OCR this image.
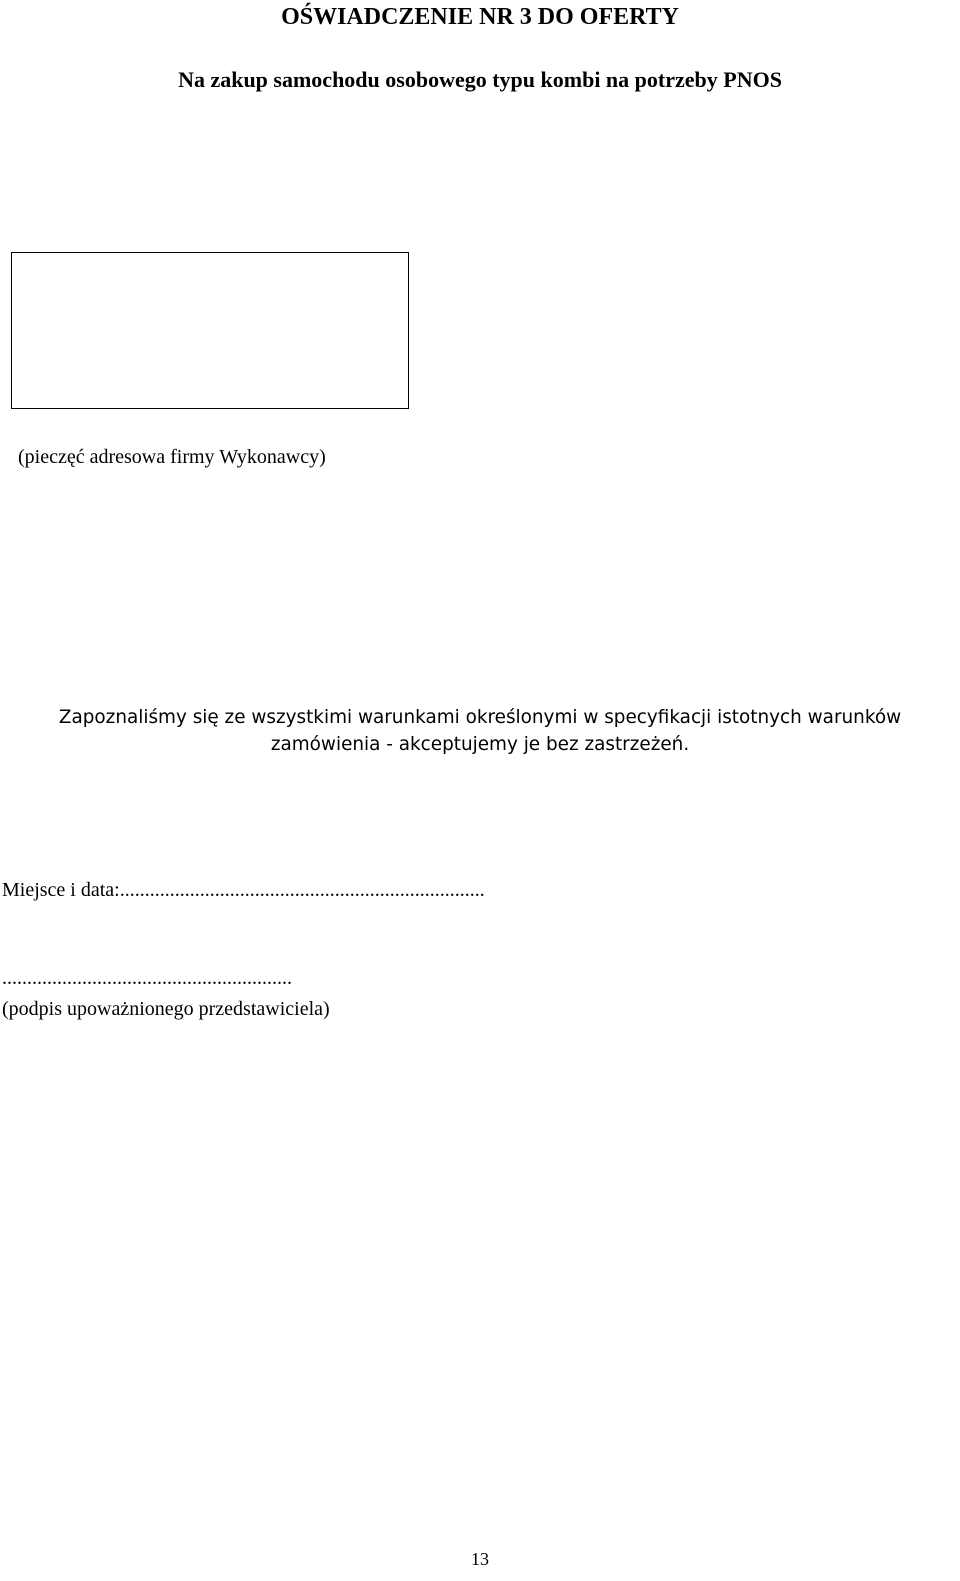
OŚWIADCZENIE NR 3 DO OFERTY
Na zakup samochodu osobowego typu kombi na potrzeby PNOS
(pieczęć adresowa firmy Wykonawcy)
Zapoznaliśmy się ze wszystkimi warunkami określonymi w specyfikacji istotnych warunków
zamówienia - akceptujemy je bez zastrzeżeń.
Miejsce i data:.........................................................................
..........................................................
(podpis upoważnionego przedstawiciela)
13
